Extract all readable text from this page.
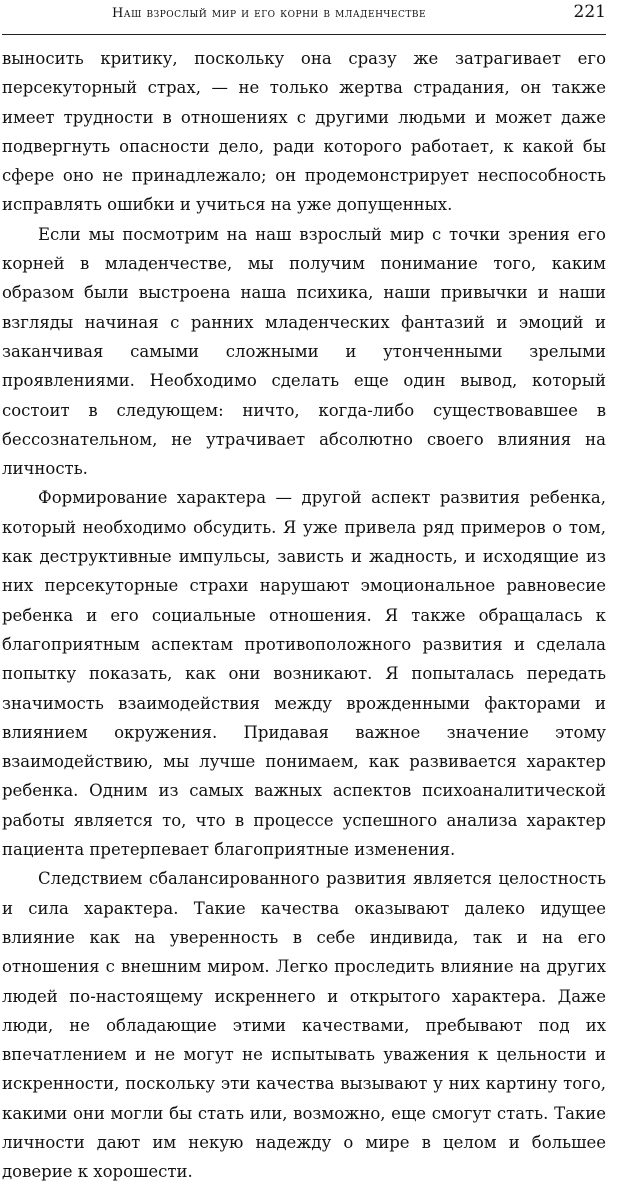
Наш взрослый мир и его корни в младенчестве	221

выносить критику, поскольку она сразу же затрагивает его персекуторный страх, — не только жертва страдания, он также имеет трудности в отношениях с другими людьми и может даже подвергнуть опасности дело, ради которого работает, к какой бы сфере оно не принадлежало; он продемонстрирует неспособность исправлять ошибки и учиться на уже допущенных.

Если мы посмотрим на наш взрослый мир с точки зрения его корней в младенчестве, мы получим понимание того, каким образом были выстроена наша психика, наши привычки и наши взгляды начиная с ранних младенческих фантазий и эмоций и заканчивая самыми сложными и утонченными зрелыми проявлениями. Необходимо сделать еще один вывод, который состоит в следующем: ничто, когда-либо существовавшее в бессознательном, не утрачивает абсолютно своего влияния на личность.

Формирование характера — другой аспект развития ребенка, который необходимо обсудить. Я уже привела ряд примеров о том, как деструктивные импульсы, зависть и жадность, и исходящие из них персекуторные страхи нарушают эмоциональное равновесие ребенка и его социальные отношения. Я также обращалась к благоприятным аспектам противоположного развития и сделала попытку показать, как они возникают. Я попыталась передать значимость взаимодействия между врожденными факторами и влиянием окружения. Придавая важное значение этому взаимодействию, мы лучше понимаем, как развивается характер ребенка. Одним из самых важных аспектов психоаналитической работы является то, что в процессе успешного анализа характер пациента претерпевает благоприятные изменения.

Следствием сбалансированного развития является целостность и сила характера. Такие качества оказывают далеко идущее влияние как на уверенность в себе индивида, так и на его отношения с внешним миром. Легко проследить влияние на других людей по-настоящему искреннего и открытого характера. Даже люди, не обладающие этими качествами, пребывают под их впечатлением и не могут не испытывать уважения к цельности и искренности, поскольку эти качества вызывают у них картину того, какими они могли бы стать или, возможно, еще смогут стать. Такие личности дают им некую надежду о мире в целом и большее доверие к хорошести.
